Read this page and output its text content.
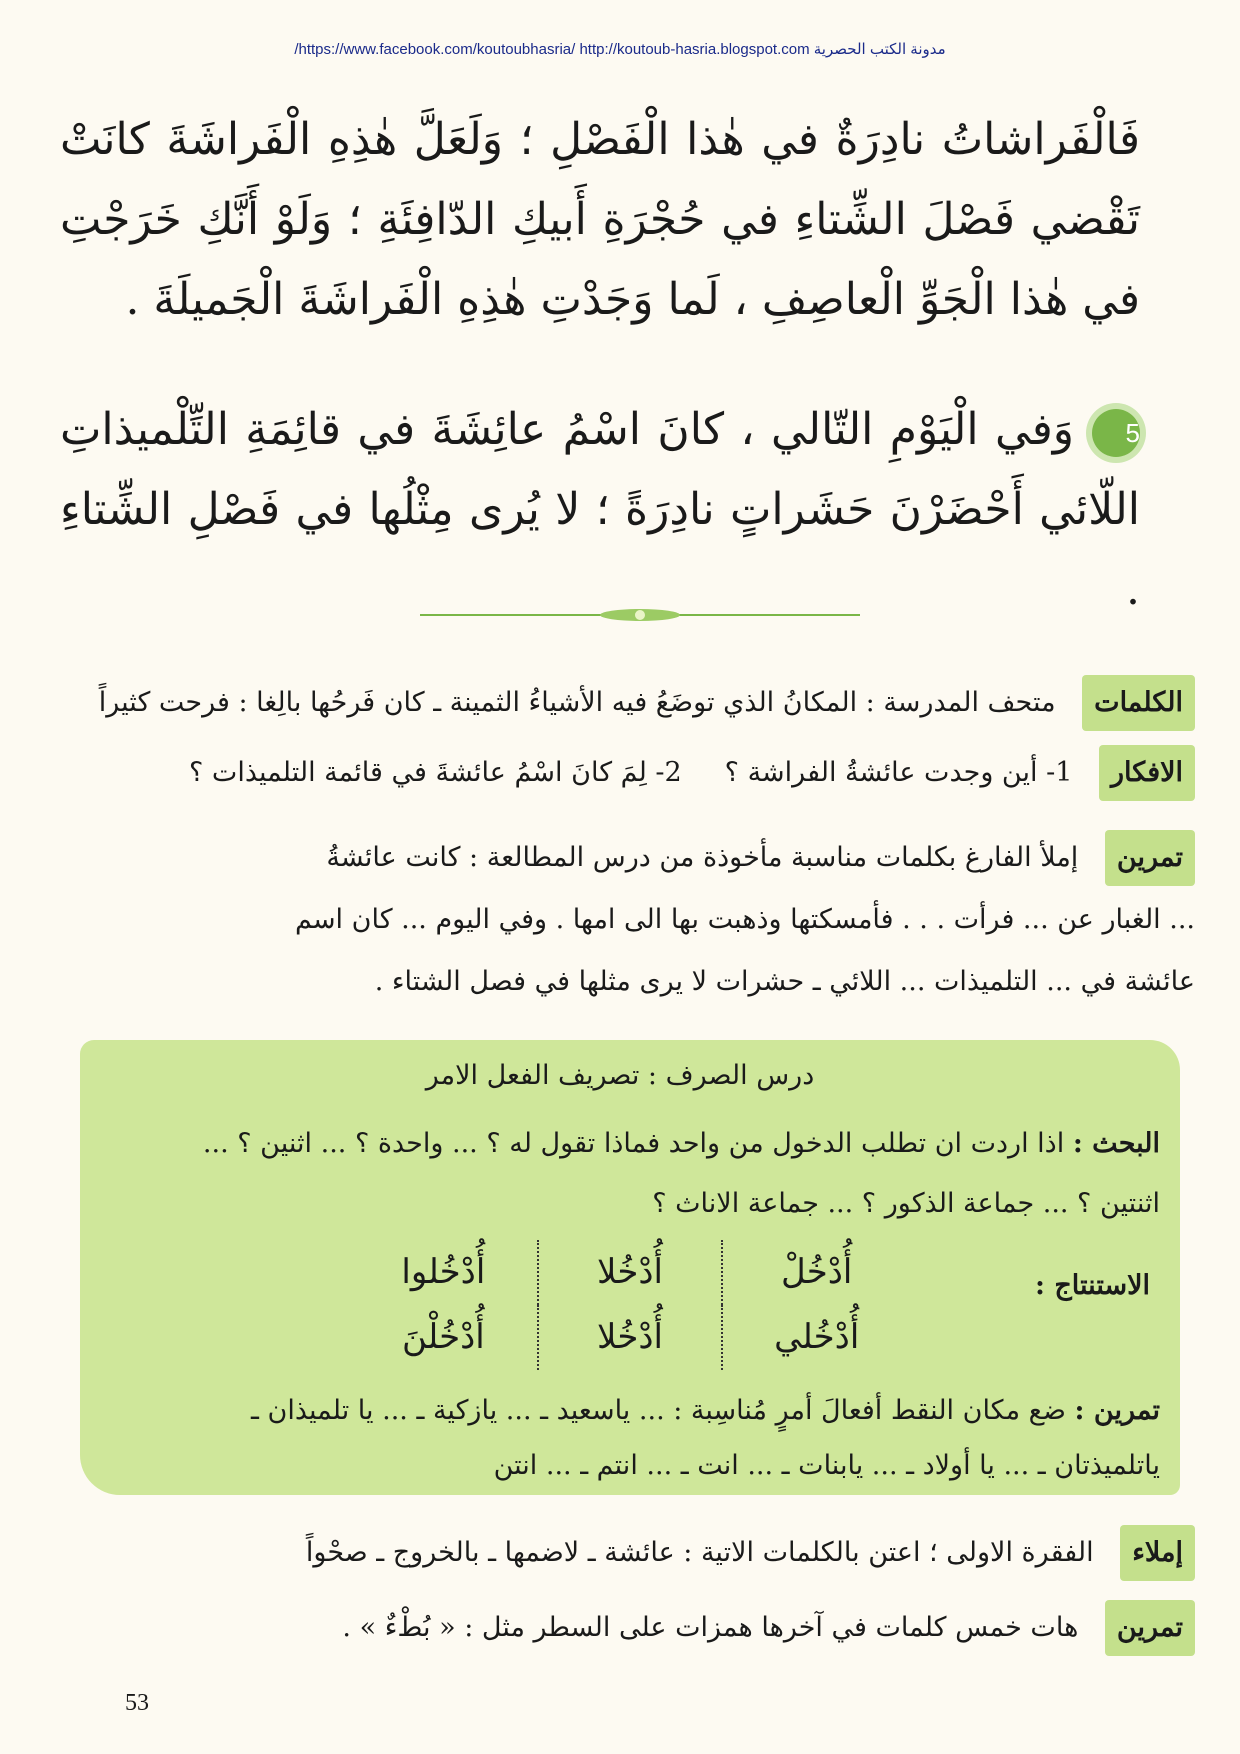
/https://www.facebook.com/koutoubhasria/ http://koutoub-hasria.blogspot.com مدونة الكتب الحصرية
فَالْفَراشاتُ نادِرَةٌ في هٰذا الْفَصْلِ ؛ وَلَعَلَّ هٰذِهِ الْفَراشَةَ كانَتْ تَقْضي فَصْلَ الشِّتاءِ في حُجْرَةِ أَبيكِ الدّافِئَةِ ؛ وَلَوْ أَنَّكِ خَرَجْتِ في هٰذا الْجَوِّ الْعاصِفِ ، لَما وَجَدْتِ هٰذِهِ الْفَراشَةَ الْجَميلَةَ .
5وَفي الْيَوْمِ التّالي ، كانَ اسْمُ عائِشَةَ في قائِمَةِ التِّلْميذاتِ اللّائي أَحْضَرْنَ حَشَراتٍ نادِرَةً ؛ لا يُرى مِثْلُها في فَصْلِ الشِّتاءِ .
الكلمات متحف المدرسة : المكانُ الذي توضَعُ فيه الأشياءُ الثمينة ـ كان فَرحُها بالِغا : فرحت كثيراً
الافكار 1- أين وجدت عائشةُ الفراشة ؟     2- لِمَ كانَ اسْمُ عائشةَ في قائمة التلميذات ؟
تمرين إملأ الفارغ بكلمات مناسبة مأخوذة من درس المطالعة : كانت عائشةُ
... الغبار عن ... فرأت . . . فأمسكتها وذهبت بها الى امها . وفي اليوم ... كان اسم
عائشة في ... التلميذات ... اللائي ـ حشرات لا يرى مثلها في فصل الشتاء .
درس الصرف : تصريف الفعل الامر
البحث : اذا اردت ان تطلب الدخول من واحد فماذا تقول له ؟ ... واحدة ؟ ... اثنين ؟ ...
اثنتين ؟ ... جماعة الذكور ؟ ... جماعة الاناث ؟
الاستنتاج :
أُدْخُلْ
أُدْخُلا
أُدْخُلوا
أُدْخُلي
أُدْخُلا
أُدْخُلْنَ
تمرين : ضع مكان النقط أفعالَ أمرٍ مُناسِبة : ... ياسعيد ـ ... يازكية ـ ... يا تلميذان ـ
ياتلميذتان ـ ... يا أولاد ـ ... يابنات ـ ... انت ـ ... انتم ـ ... انتن
إملاء الفقرة الاولى ؛ اعتن بالكلمات الاتية : عائشة ـ لاضمها ـ بالخروج ـ صحْواً
تمرين هات خمس كلمات في آخرها همزات على السطر مثل : « بُطْءٌ » .
53
